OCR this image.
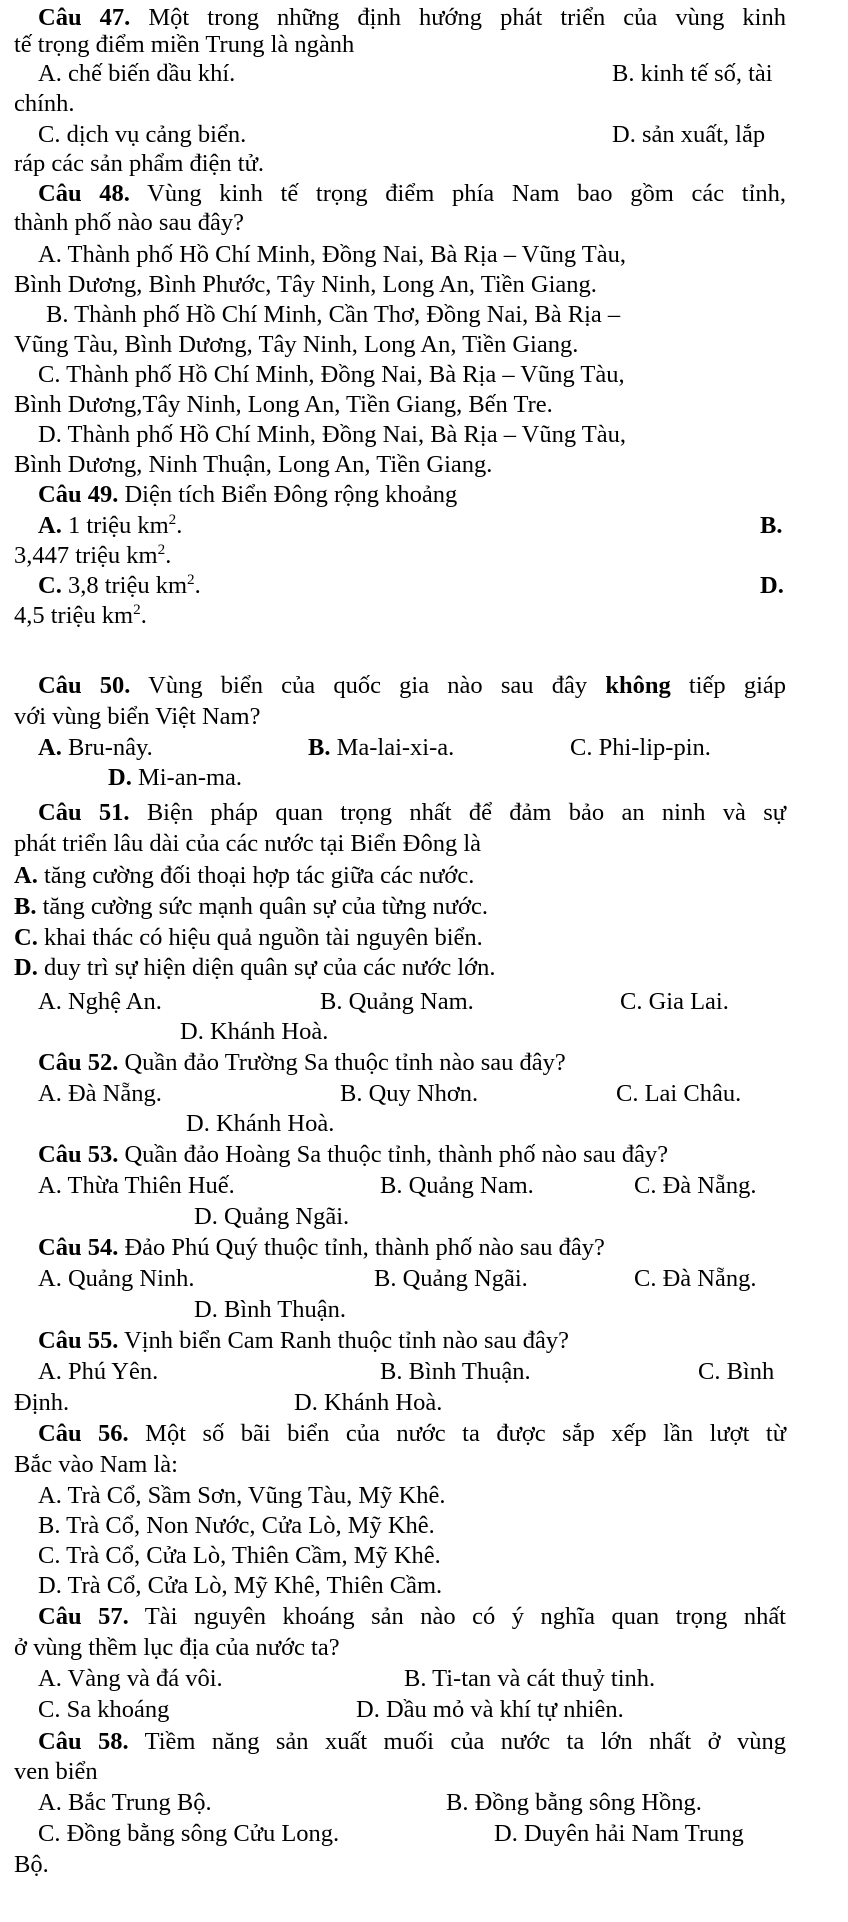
Câu 47. Một trong những định hướng phát triển của vùng kinh
tế trọng điểm miền Trung là ngành
A. chế biến dầu khí.	B. kinh tế số, tài
chính.
C. dịch vụ cảng biển.	D. sản xuất, lắp
ráp các sản phẩm điện tử.
Câu 48. Vùng kinh tế trọng điểm phía Nam bao gồm các tỉnh,
thành phố nào sau đây?
A. Thành phố Hồ Chí Minh, Đồng Nai, Bà Rịa – Vũng Tàu,
Bình Dương, Bình Phước, Tây Ninh, Long An, Tiền Giang.
B. Thành phố Hồ Chí Minh, Cần Thơ, Đồng Nai, Bà Rịa –
Vũng Tàu, Bình Dương, Tây Ninh, Long An, Tiền Giang.
C. Thành phố Hồ Chí Minh, Đồng Nai, Bà Rịa – Vũng Tàu,
Bình Dương,Tây Ninh, Long An, Tiền Giang, Bến Tre.
D. Thành phố Hồ Chí Minh, Đồng Nai, Bà Rịa – Vũng Tàu,
Bình Dương, Ninh Thuận, Long An, Tiền Giang.
Câu 49. Diện tích Biển Đông rộng khoảng
A. 1 triệu $km^2$.	B.
3,447 triệu $km^2$.
C. 3,8 triệu $km^2$.	D.
4,5 triệu $km^2$.
Câu 50. Vùng biển của quốc gia nào sau đây không tiếp giáp
với vùng biển Việt Nam?
A. Bru-nây.	B. Ma-lai-xi-a.	C. Phi-lip-pin.
D. Mi-an-ma.
Câu 51. Biện pháp quan trọng nhất để đảm bảo an ninh và sự
phát triển lâu dài của các nước tại Biển Đông là
A. tăng cường đối thoại hợp tác giữa các nước.
B. tăng cường sức mạnh quân sự của từng nước.
C. khai thác có hiệu quả nguồn tài nguyên biển.
D. duy trì sự hiện diện quân sự của các nước lớn.
A. Nghệ An.	B. Quảng Nam.	C. Gia Lai.
D. Khánh Hoà.
Câu 52. Quần đảo Trường Sa thuộc tỉnh nào sau đây?
A. Đà Nẵng.	B. Quy Nhơn.	C. Lai Châu.
D. Khánh Hoà.
Câu 53. Quần đảo Hoàng Sa thuộc tỉnh, thành phố nào sau đây?
A. Thừa Thiên Huế.	B. Quảng Nam.	C. Đà Nẵng.
D. Quảng Ngãi.
Câu 54. Đảo Phú Quý thuộc tỉnh, thành phố nào sau đây?
A. Quảng Ninh.	B. Quảng Ngãi.	C. Đà Nẵng.
D. Bình Thuận.
Câu 55. Vịnh biển Cam Ranh thuộc tỉnh nào sau đây?
A. Phú Yên.	B. Bình Thuận.	C. Bình
Định.	D. Khánh Hoà.
Câu 56. Một số bãi biển của nước ta được sắp xếp lần lượt từ
Bắc vào Nam là:
A. Trà Cổ, Sầm Sơn, Vũng Tàu, Mỹ Khê.
B. Trà Cổ, Non Nước, Cửa Lò, Mỹ Khê.
C. Trà Cổ, Cửa Lò, Thiên Cầm, Mỹ Khê.
D. Trà Cổ, Cửa Lò, Mỹ Khê, Thiên Cầm.
Câu 57. Tài nguyên khoáng sản nào có ý nghĩa quan trọng nhất
ở vùng thềm lục địa của nước ta?
A. Vàng và đá vôi.	B. Ti-tan và cát thuỷ tinh.
C. Sa khoáng	D. Dầu mỏ và khí tự nhiên.
Câu 58. Tiềm năng sản xuất muối của nước ta lớn nhất ở vùng
ven biển
A. Bắc Trung Bộ.	B. Đồng bằng sông Hồng.
C. Đồng bằng sông Cửu Long.	D. Duyên hải Nam Trung
Bộ.
